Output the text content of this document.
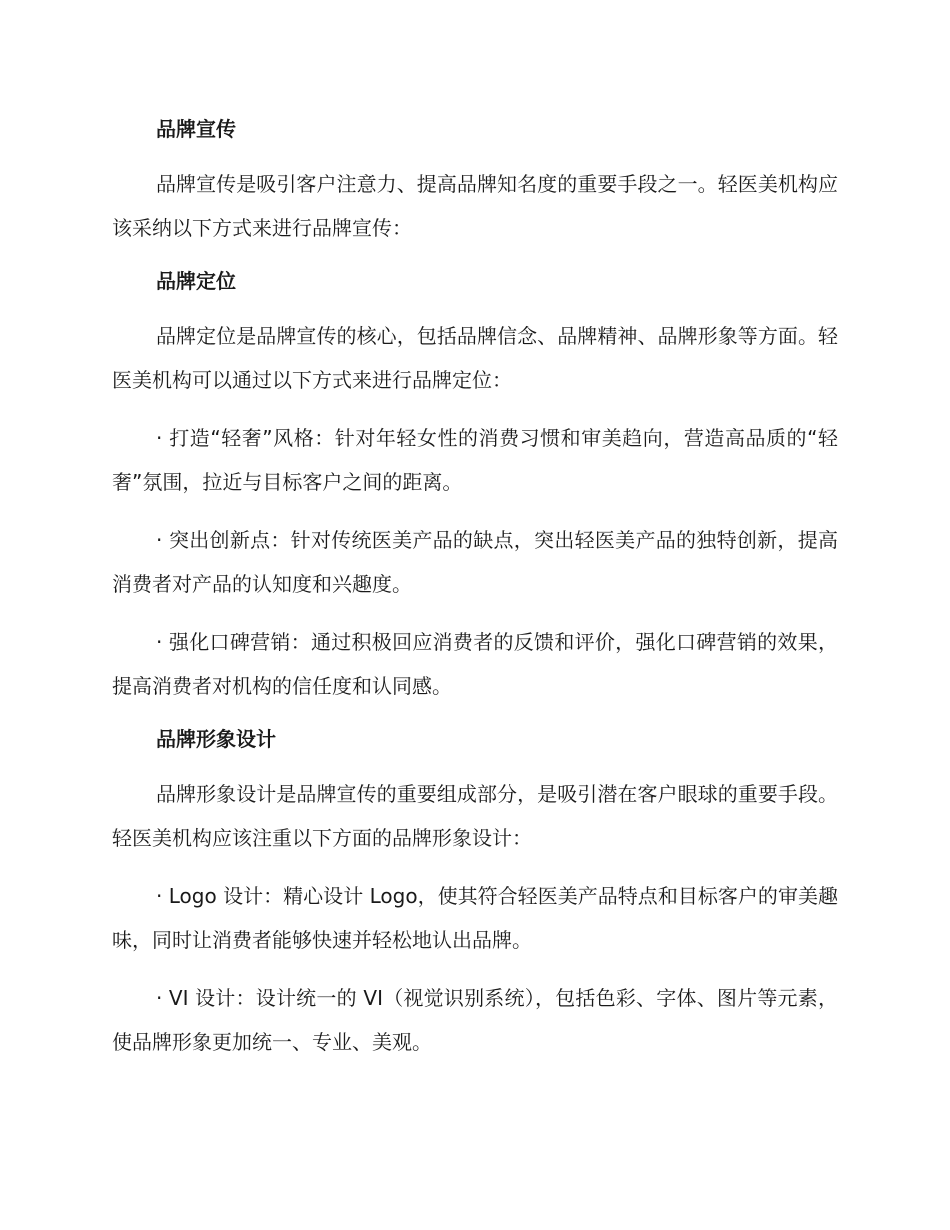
品牌宣传

品牌宣传是吸引客户注意力、提高品牌知名度的重要手段之一。轻医美机构应该采纳以下方式来进行品牌宣传：

品牌定位

品牌定位是品牌宣传的核心，包括品牌信念、品牌精神、品牌形象等方面。轻医美机构可以通过以下方式来进行品牌定位：

· 打造“轻奢”风格：针对年轻女性的消费习惯和审美趋向，营造高品质的“轻奢”氛围，拉近与目标客户之间的距离。

· 突出创新点：针对传统医美产品的缺点，突出轻医美产品的独特创新，提高消费者对产品的认知度和兴趣度。

· 强化口碑营销：通过积极回应消费者的反馈和评价，强化口碑营销的效果，提高消费者对机构的信任度和认同感。

品牌形象设计

品牌形象设计是品牌宣传的重要组成部分，是吸引潜在客户眼球的重要手段。轻医美机构应该注重以下方面的品牌形象设计：

· Logo 设计：精心设计 Logo，使其符合轻医美产品特点和目标客户的审美趣味，同时让消费者能够快速并轻松地认出品牌。

· VI 设计：设计统一的 VI（视觉识别系统），包括色彩、字体、图片等元素，使品牌形象更加统一、专业、美观。
